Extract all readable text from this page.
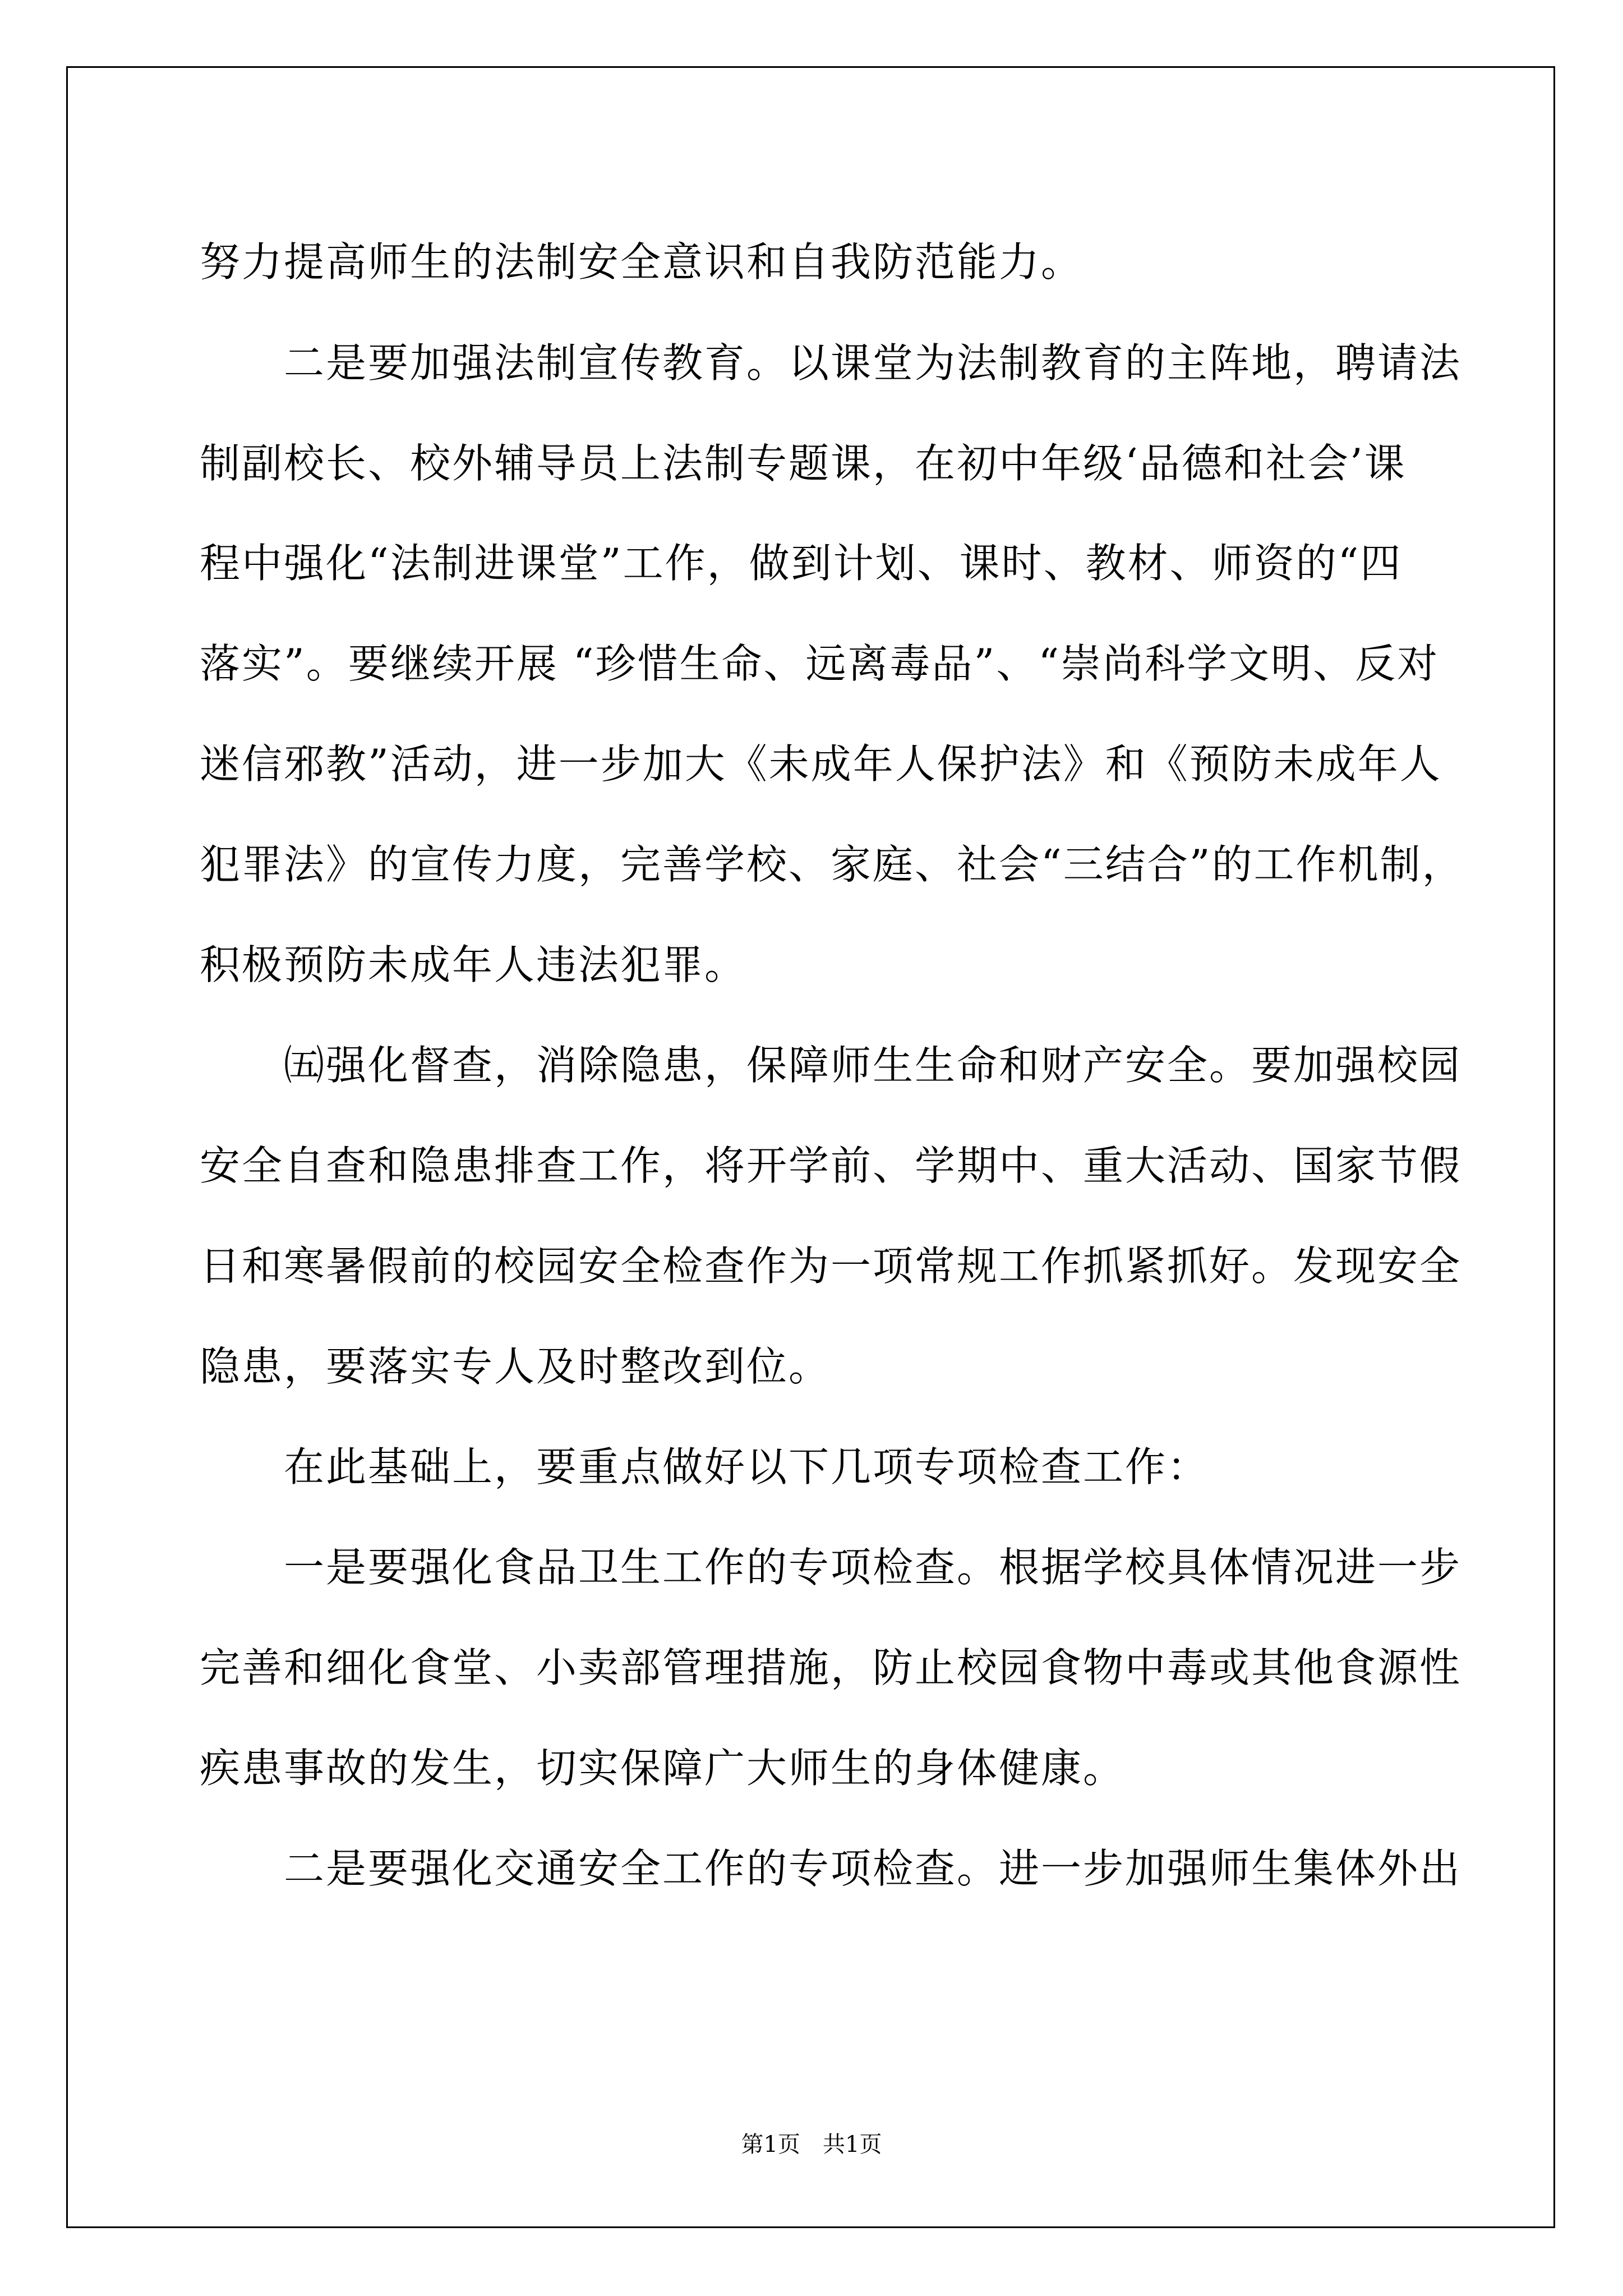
努力提高师生的法制安全意识和自我防范能力。
　　二是要加强法制宣传教育。以课堂为法制教育的主阵地，聘请法
制副校长、校外辅导员上法制专题课，在初中年级‘品德和社会’课
程中强化“法制进课堂”工作，做到计划、课时、教材、师资的“四
落实”。要继续开展 “珍惜生命、远离毒品”、“崇尚科学文明、反对
迷信邪教”活动，进一步加大《未成年人保护法》和《预防未成年人
犯罪法》的宣传力度，完善学校、家庭、社会“三结合”的工作机制，
积极预防未成年人违法犯罪。
　　㈤强化督查，消除隐患，保障师生生命和财产安全。要加强校园
安全自查和隐患排查工作，将开学前、学期中、重大活动、国家节假
日和寒暑假前的校园安全检查作为一项常规工作抓紧抓好。发现安全
隐患，要落实专人及时整改到位。
　　在此基础上，要重点做好以下几项专项检查工作：
　　一是要强化食品卫生工作的专项检查。根据学校具体情况进一步
完善和细化食堂、小卖部管理措施，防止校园食物中毒或其他食源性
疾患事故的发生，切实保障广大师生的身体健康。
　　二是要强化交通安全工作的专项检查。进一步加强师生集体外出
第1页　共1页
